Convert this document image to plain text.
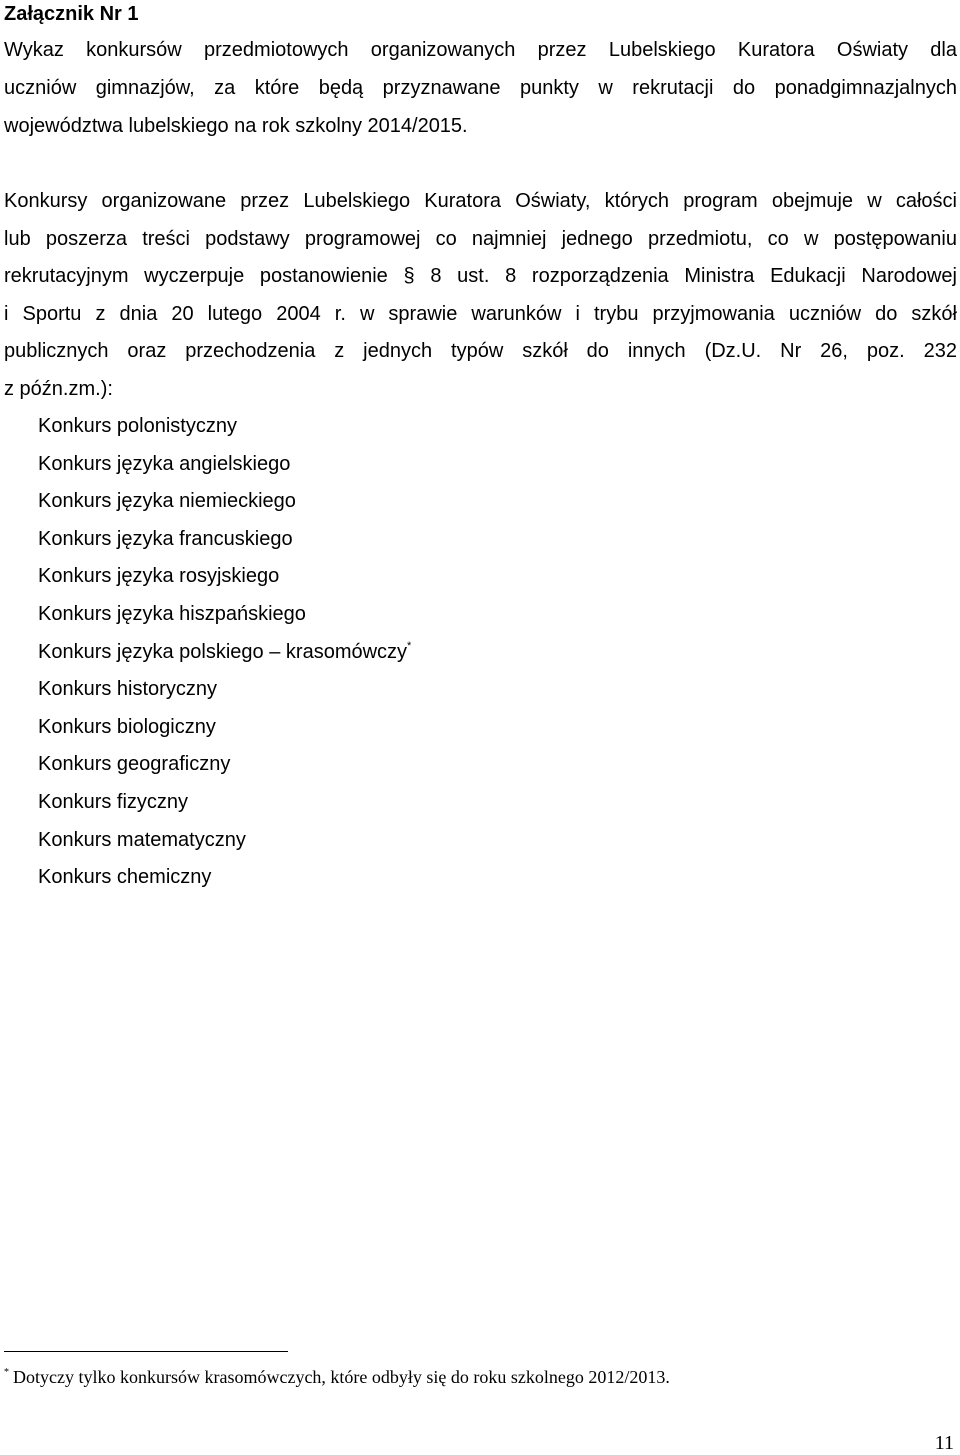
Załącznik Nr 1
Wykaz konkursów przedmiotowych organizowanych przez Lubelskiego Kuratora Oświaty dla
uczniów gimnazjów, za które będą przyznawane punkty w rekrutacji do ponadgimnazjalnych
województwa lubelskiego na rok szkolny 2014/2015.
Konkursy organizowane przez Lubelskiego Kuratora Oświaty, których program obejmuje w całości
lub poszerza treści podstawy programowej co najmniej jednego przedmiotu, co w postępowaniu
rekrutacyjnym wyczerpuje postanowienie § 8 ust. 8 rozporządzenia Ministra Edukacji Narodowej
i Sportu z dnia 20 lutego 2004 r. w sprawie warunków i trybu przyjmowania uczniów do szkół
publicznych oraz przechodzenia z jednych typów szkół do innych (Dz.U. Nr 26, poz. 232
z późn.zm.):
Konkurs polonistyczny
Konkurs języka angielskiego
Konkurs języka niemieckiego
Konkurs języka francuskiego
Konkurs języka rosyjskiego
Konkurs języka hiszpańskiego
Konkurs języka polskiego – krasomówczy*
Konkurs historyczny
Konkurs biologiczny
Konkurs geograficzny
Konkurs fizyczny
Konkurs matematyczny
Konkurs chemiczny
* Dotyczy tylko konkursów krasomówczych, które odbyły się do roku szkolnego 2012/2013.
11
